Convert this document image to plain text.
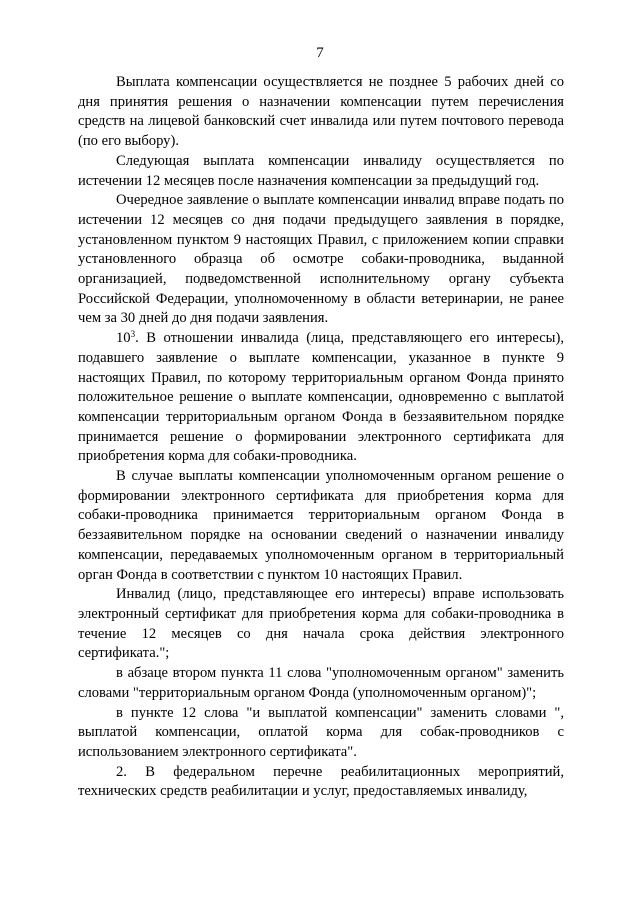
7

Выплата компенсации осуществляется не позднее 5 рабочих дней со дня принятия решения о назначении компенсации путем перечисления средств на лицевой банковский счет инвалида или путем почтового перевода (по его выбору).

Следующая выплата компенсации инвалиду осуществляется по истечении 12 месяцев после назначения компенсации за предыдущий год.

Очередное заявление о выплате компенсации инвалид вправе подать по истечении 12 месяцев со дня подачи предыдущего заявления в порядке, установленном пунктом 9 настоящих Правил, с приложением копии справки установленного образца об осмотре собаки-проводника, выданной организацией, подведомственной исполнительному органу субъекта Российской Федерации, уполномоченному в области ветеринарии, не ранее чем за 30 дней до дня подачи заявления.

$10^3$. В отношении инвалида (лица, представляющего его интересы), подавшего заявление о выплате компенсации, указанное в пункте 9 настоящих Правил, по которому территориальным органом Фонда принято положительное решение о выплате компенсации, одновременно с выплатой компенсации территориальным органом Фонда в беззаявительном порядке принимается решение о формировании электронного сертификата для приобретения корма для собаки-проводника.

В случае выплаты компенсации уполномоченным органом решение о формировании электронного сертификата для приобретения корма для собаки-проводника принимается территориальным органом Фонда в беззаявительном порядке на основании сведений о назначении инвалиду компенсации, передаваемых уполномоченным органом в территориальный орган Фонда в соответствии с пунктом 10 настоящих Правил.

Инвалид (лицо, представляющее его интересы) вправе использовать электронный сертификат для приобретения корма для собаки-проводника в течение 12 месяцев со дня начала срока действия электронного сертификата.";

в абзаце втором пункта 11 слова "уполномоченным органом" заменить словами "территориальным органом Фонда (уполномоченным органом)";

в пункте 12 слова "и выплатой компенсации" заменить словами ", выплатой компенсации, оплатой корма для собак-проводников с использованием электронного сертификата".

2. В федеральном перечне реабилитационных мероприятий, технических средств реабилитации и услуг, предоставляемых инвалиду,
